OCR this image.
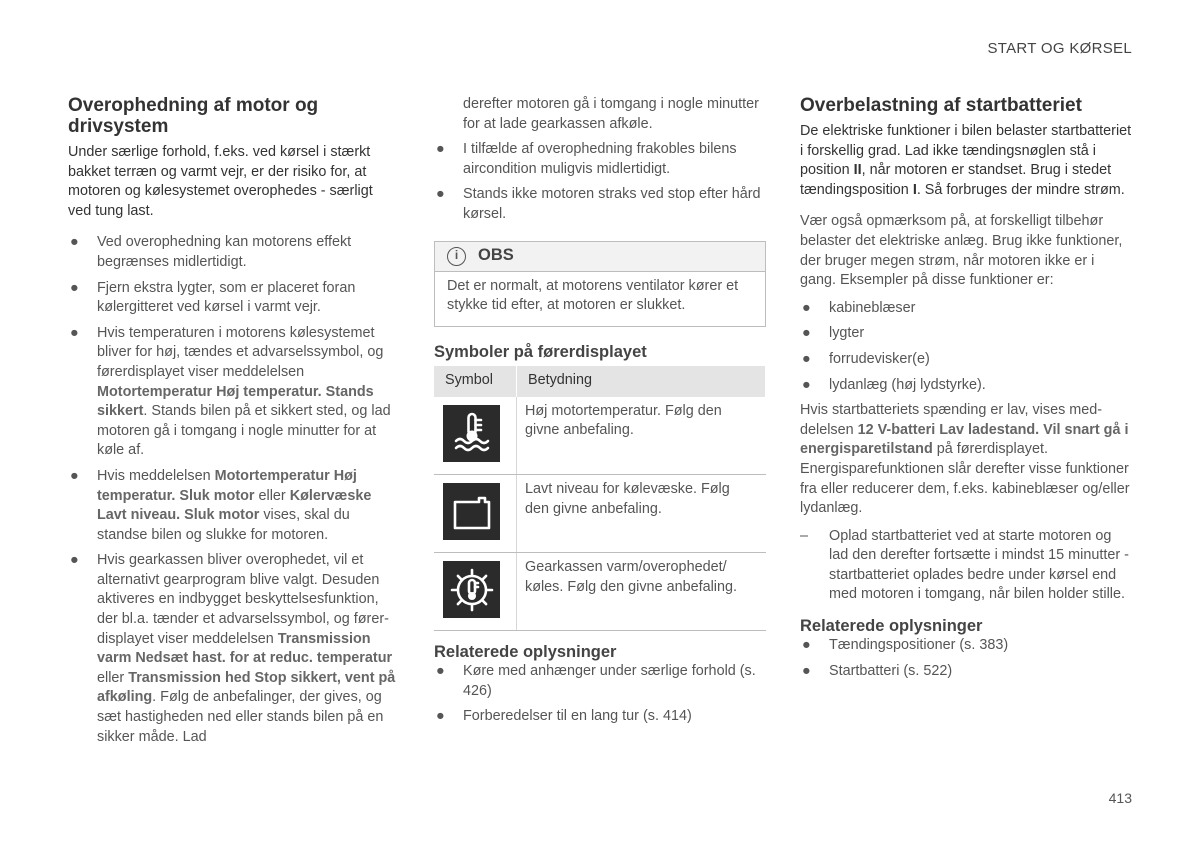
START OG KØRSEL
Overophedning af motor og drivsystem

Under særlige forhold, f.eks. ved kørsel i stærkt bakket terræn og varmt vejr, er der risiko for, at motoren og kølesystemet overophedes - særligt ved tung last.

● Ved overophedning kan motorens effekt begrænses midlertidigt.
● Fjern ekstra lygter, som er placeret foran kølergitteret ved kørsel i varmt vejr.
● Hvis temperaturen i motorens kølesystemet bliver for høj, tændes et advarselssymbol, og førerdisplayet viser meddelelsen Motortemperatur Høj temperatur. Stands sikkert. Stands bilen på et sikkert sted, og lad motoren gå i tomgang i nogle minutter for at køle af.
● Hvis meddelelsen Motortemperatur Høj temperatur. Sluk motor eller Kølervæske Lavt niveau. Sluk motor vises, skal du standse bilen og slukke for motoren.
● Hvis gearkassen bliver overophedet, vil et alternativt gearprogram blive valgt. Desuden aktiveres en indbygget beskyttelsesfunktion, der bl.a. tænder et advarselssymbol, og førerdisplayet viser meddelelsen Transmission varm Nedsæt hast. for at reduc. temperatur eller Transmission hed Stop sikkert, vent på afkøling. Følg de anbefalinger, der gives, og sæt hastigheden ned eller stands bilen på en sikker måde. Lad
derefter motoren gå i tomgang i nogle minutter for at lade gearkassen afkøle.
● I tilfælde af overophedning frakobles bilens aircondition muligvis midlertidigt.
● Stands ikke motoren straks ved stop efter hård kørsel.
i	OBS
Det er normalt, at motorens ventilator kører et stykke tid efter, at motoren er slukket.
Symboler på førerdisplayet
Symbol	Betydning

	Høj motortemperatur. Følg den givne anbefaling.

	Lavt niveau for kølevæske. Følg den givne anbefaling.

	Gearkassen varm/overophedet/ køles. Følg den givne anbefaling.
Relaterede oplysninger
● Køre med anhænger under særlige forhold (s. 426)
● Forberedelser til en lang tur (s. 414)
Overbelastning af startbatteriet

De elektriske funktioner i bilen belaster startbatteriet i forskellig grad. Lad ikke tændingsnøglen stå i position II, når motoren er standset. Brug i stedet tændingsposition I. Så forbruges der mindre strøm.

Vær også opmærksom på, at forskelligt tilbehør belaster det elektriske anlæg. Brug ikke funktioner, der bruger megen strøm, når motoren ikke er i gang. Eksempler på disse funktioner er:

● kabineblæser
● lygter
● forrudevisker(e)
● lydanlæg (høj lydstyrke).

Hvis startbatteriets spænding er lav, vises meddelelsen 12 V-batteri Lav ladestand. Vil snart gå i energisparetilstand på førerdisplayet. Energisparefunktionen slår derefter visse funktioner fra eller reducerer dem, f.eks. kabineblæser og/eller lydanlæg.

– Oplad startbatteriet ved at starte motoren og lad den derefter fortsætte i mindst 15 minutter - startbatteriet oplades bedre under kørsel end med motoren i tomgang, når bilen holder stille.
Relaterede oplysninger
● Tændingspositioner (s. 383)
● Startbatteri (s. 522)
413
